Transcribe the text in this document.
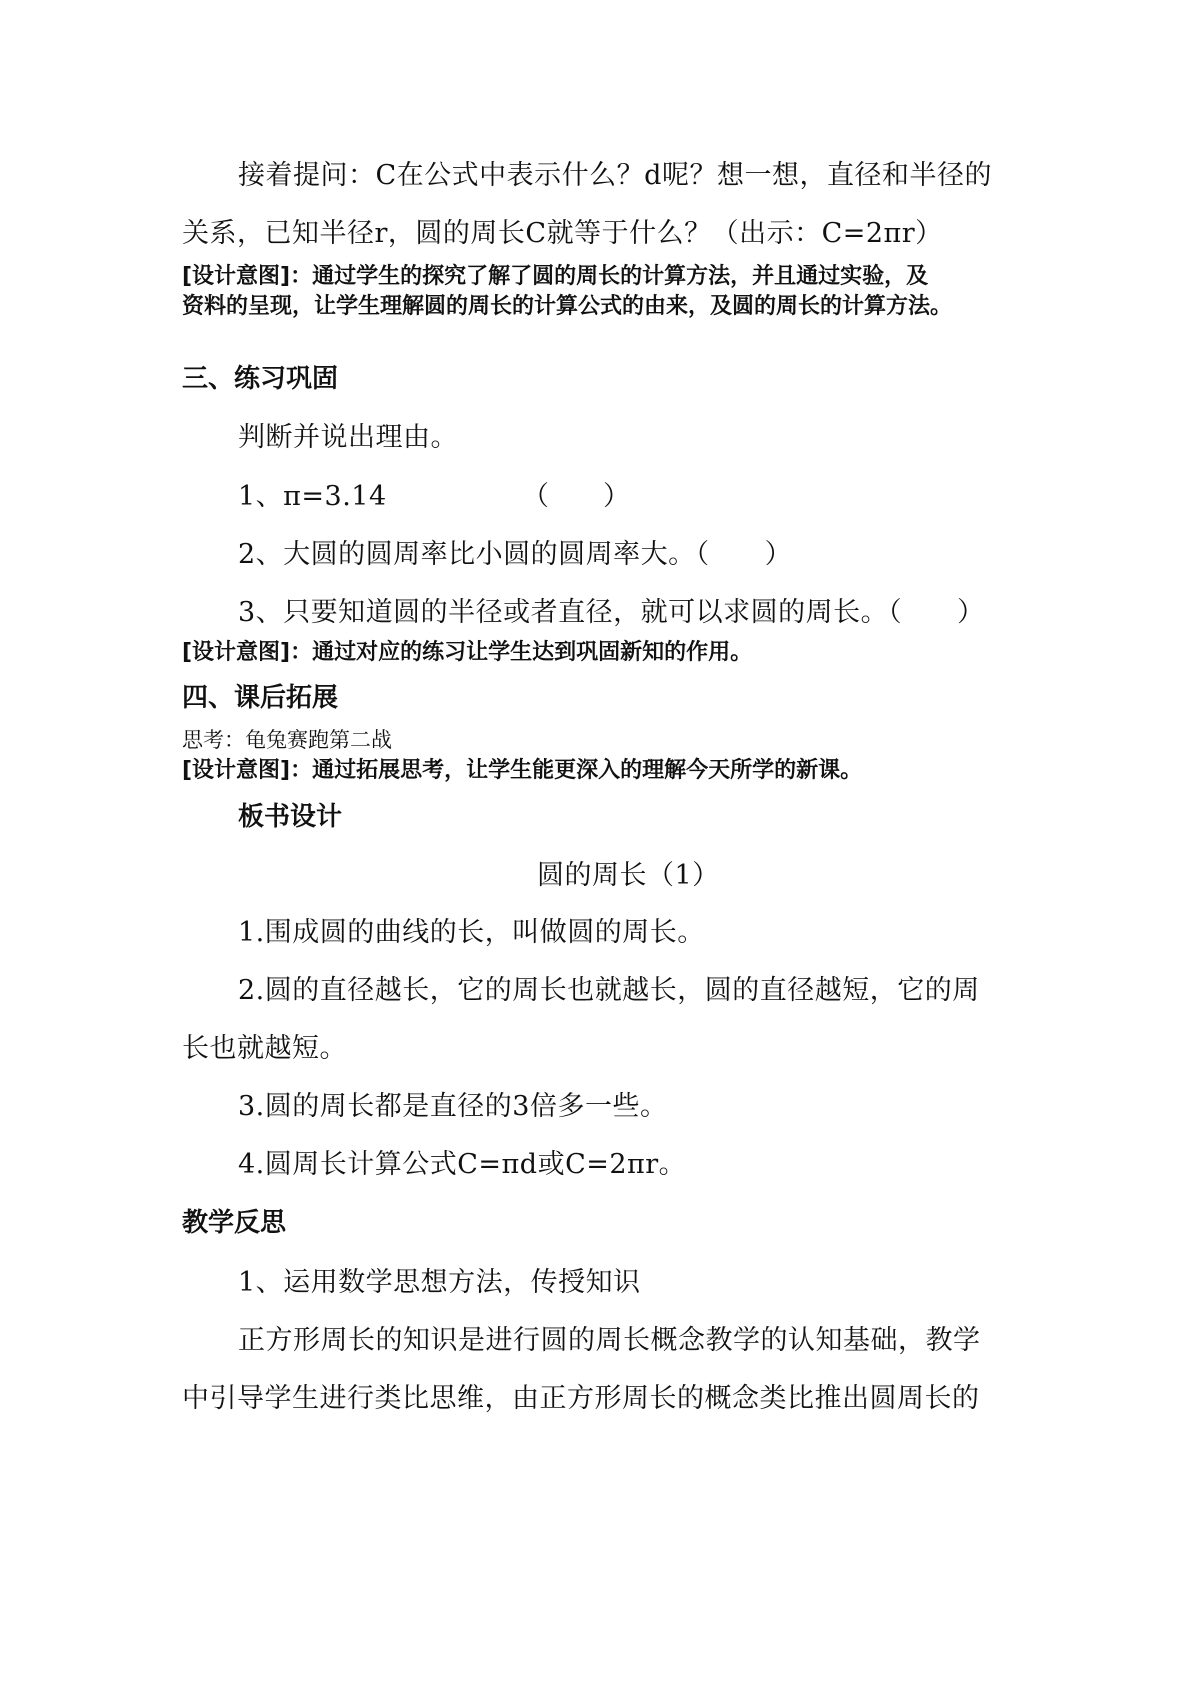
接着提问：C在公式中表示什么？d呢？想一想，直径和半径的
关系，已知半径r，圆的周长C就等于什么？（出示：C=2πr）
[设计意图]：通过学生的探究了解了圆的周长的计算方法，并且通过实验，及
资料的呈现，让学生理解圆的周长的计算公式的由来，及圆的周长的计算方法。
三、练习巩固
判断并说出理由。
1、π=3.14	（　　）
2、大圆的圆周率比小圆的圆周率大。（　　）
3、只要知道圆的半径或者直径，就可以求圆的周长。（　　）
[设计意图]：通过对应的练习让学生达到巩固新知的作用。
四、课后拓展
思考：龟兔赛跑第二战
[设计意图]：通过拓展思考，让学生能更深入的理解今天所学的新课。
板书设计
圆的周长（1）
1.围成圆的曲线的长，叫做圆的周长。
2.圆的直径越长，它的周长也就越长，圆的直径越短，它的周
长也就越短。
3.圆的周长都是直径的3倍多一些。
4.圆周长计算公式C=πd或C=2πr。
教学反思
1、运用数学思想方法，传授知识
正方形周长的知识是进行圆的周长概念教学的认知基础，教学
中引导学生进行类比思维，由正方形周长的概念类比推出圆周长的
